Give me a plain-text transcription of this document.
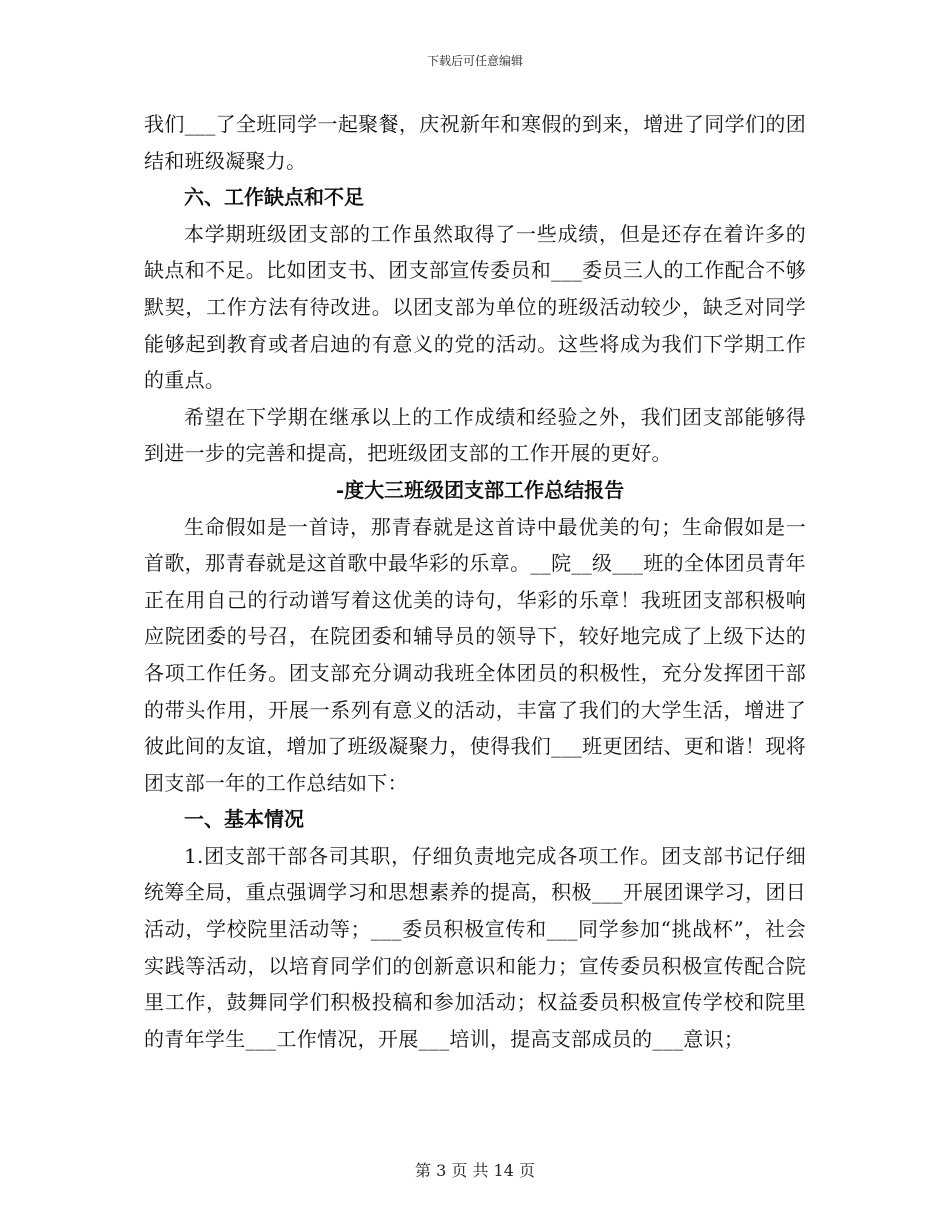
下载后可任意编辑

我们___了全班同学一起聚餐，庆祝新年和寒假的到来，增进了同学们的团结和班级凝聚力。

六、工作缺点和不足

本学期班级团支部的工作虽然取得了一些成绩，但是还存在着许多的缺点和不足。比如团支书、团支部宣传委员和___委员三人的工作配合不够默契，工作方法有待改进。以团支部为单位的班级活动较少，缺乏对同学能够起到教育或者启迪的有意义的党的活动。这些将成为我们下学期工作的重点。

希望在下学期在继承以上的工作成绩和经验之外，我们团支部能够得到进一步的完善和提高，把班级团支部的工作开展的更好。

-度大三班级团支部工作总结报告

生命假如是一首诗，那青春就是这首诗中最优美的句；生命假如是一首歌，那青春就是这首歌中最华彩的乐章。__院__级___班的全体团员青年正在用自己的行动谱写着这优美的诗句，华彩的乐章！我班团支部积极响应院团委的号召，在院团委和辅导员的领导下，较好地完成了上级下达的各项工作任务。团支部充分调动我班全体团员的积极性，充分发挥团干部的带头作用，开展一系列有意义的活动，丰富了我们的大学生活，增进了彼此间的友谊，增加了班级凝聚力，使得我们___班更团结、更和谐！现将团支部一年的工作总结如下：

一、基本情况

1.团支部干部各司其职，仔细负责地完成各项工作。团支部书记仔细统筹全局，重点强调学习和思想素养的提高，积极___开展团课学习，团日活动，学校院里活动等；___委员积极宣传和___同学参加“挑战杯”，社会实践等活动，以培育同学们的创新意识和能力；宣传委员积极宣传配合院里工作，鼓舞同学们积极投稿和参加活动；权益委员积极宣传学校和院里的青年学生___工作情况，开展___培训，提高支部成员的___意识；

第 3 页 共 14 页
